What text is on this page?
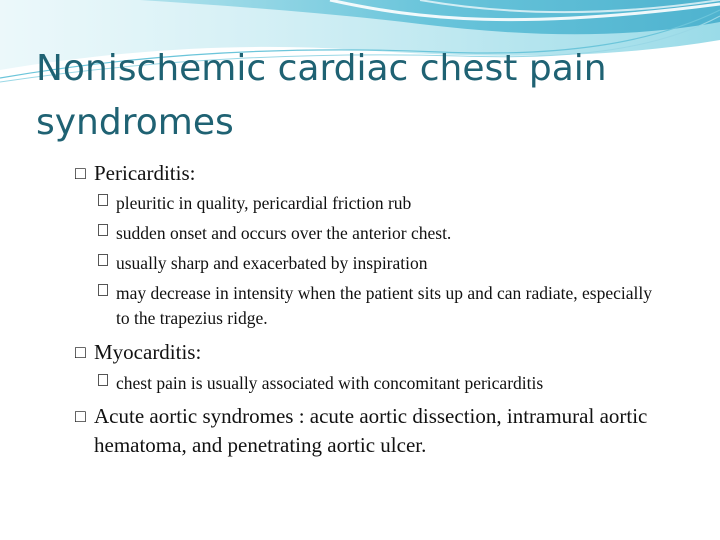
Nonischemic cardiac chest pain syndromes
□ Pericarditis:
pleuritic in quality, pericardial friction rub
sudden onset and occurs over the anterior chest.
usually sharp and exacerbated by inspiration
may decrease in intensity when the patient sits up and can radiate, especially to the trapezius ridge.
□ Myocarditis:
chest pain is usually associated with concomitant pericarditis
□ Acute aortic syndromes : acute aortic dissection, intramural aortic hematoma, and penetrating aortic ulcer.
